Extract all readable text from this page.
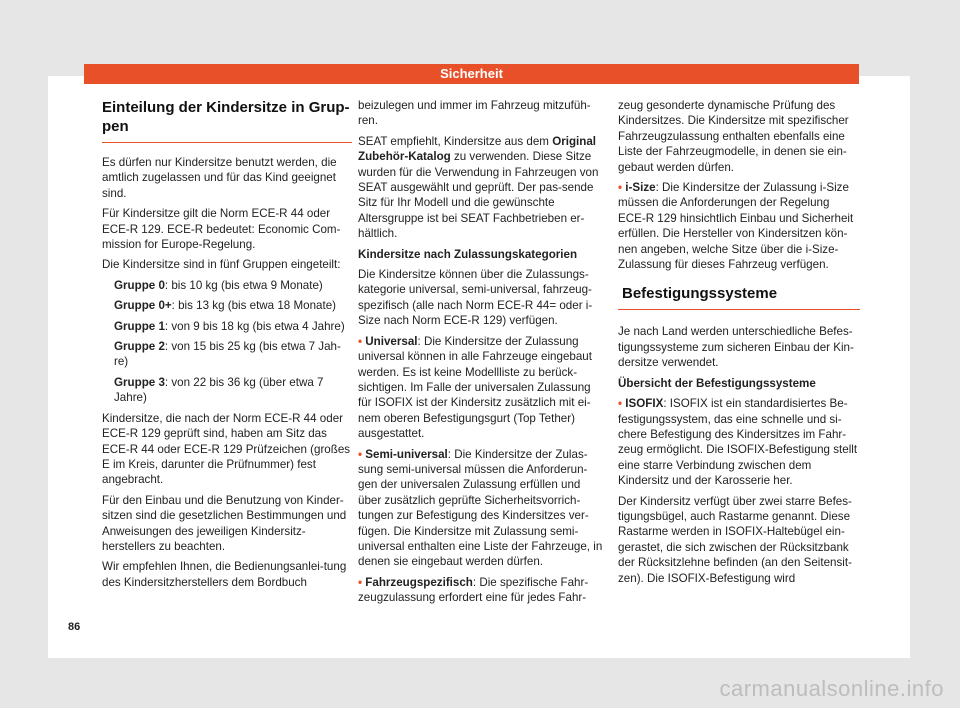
Sicherheit
Einteilung der Kindersitze in Grup-
pen

Es dürfen nur Kindersitze benutzt werden, die amtlich zugelassen und für das Kind geeignet sind.

Für Kindersitze gilt die Norm ECE-R 44 oder ECE-R 129. ECE-R bedeutet: Economic Com-mission for Europe-Regelung.

Die Kindersitze sind in fünf Gruppen eingeteilt:

Gruppe 0: bis 10 kg (bis etwa 9 Monate)

Gruppe 0+: bis 13 kg (bis etwa 18 Monate)

Gruppe 1: von 9 bis 18 kg (bis etwa 4 Jahre)

Gruppe 2: von 15 bis 25 kg (bis etwa 7 Jah-re)

Gruppe 3: von 22 bis 36 kg (über etwa 7 Jahre)

Kindersitze, die nach der Norm ECE-R 44 oder ECE-R 129 geprüft sind, haben am Sitz das ECE-R 44 oder ECE-R 129 Prüfzeichen (großes E im Kreis, darunter die Prüfnummer) fest angebracht.

Für den Einbau und die Benutzung von Kinder-sitzen sind die gesetzlichen Bestimmungen und Anweisungen des jeweiligen Kindersitz-herstellers zu beachten.

Wir empfehlen Ihnen, die Bedienungsanlei-tung des Kindersitzherstellers dem Bordbuch

beizulegen und immer im Fahrzeug mitzufüh-ren.

SEAT empfiehlt, Kindersitze aus dem Original Zubehör-Katalog zu verwenden. Diese Sitze wurden für die Verwendung in Fahrzeugen von SEAT ausgewählt und geprüft. Der pas-sende Sitz für Ihr Modell und die gewünschte Altersgruppe ist bei SEAT Fachbetrieben er-hältlich.

Kindersitze nach Zulassungskategorien

Die Kindersitze können über die Zulassungs-kategorie universal, semi-universal, fahrzeug-spezifisch (alle nach Norm ECE-R 44= oder i-Size nach Norm ECE-R 129) verfügen.

• Universal: Die Kindersitze der Zulassung universal können in alle Fahrzeuge eingebaut werden. Es ist keine Modellliste zu berück-sichtigen. Im Falle der universalen Zulassung für ISOFIX ist der Kindersitz zusätzlich mit ei-nem oberen Befestigungsgurt (Top Tether) ausgestattet.

• Semi-universal: Die Kindersitze der Zulas-sung semi-universal müssen die Anforderun-gen der universalen Zulassung erfüllen und über zusätzlich geprüfte Sicherheitsvorrich-tungen zur Befestigung des Kindersitzes ver-fügen. Die Kindersitze mit Zulassung semi-universal enthalten eine Liste der Fahrzeuge, in denen sie eingebaut werden dürfen.

• Fahrzeugspezifisch: Die spezifische Fahr-zeugzulassung erfordert eine für jedes Fahr-

zeug gesonderte dynamische Prüfung des Kindersitzes. Die Kindersitze mit spezifischer Fahrzeugzulassung enthalten ebenfalls eine Liste der Fahrzeugmodelle, in denen sie ein-gebaut werden dürfen.

• i-Size: Die Kindersitze der Zulassung i-Size müssen die Anforderungen der Regelung ECE-R 129 hinsichtlich Einbau und Sicherheit erfüllen. Die Hersteller von Kindersitzen kön-nen angeben, welche Sitze über die i-Size-Zulassung für dieses Fahrzeug verfügen.

Befestigungssysteme

Je nach Land werden unterschiedliche Befes-tigungssysteme zum sicheren Einbau der Kin-dersitze verwendet.

Übersicht der Befestigungssysteme

• ISOFIX: ISOFIX ist ein standardisiertes Be-festigungssystem, das eine schnelle und si-chere Befestigung des Kindersitzes im Fahr-zeug ermöglicht. Die ISOFIX-Befestigung stellt eine starre Verbindung zwischen dem Kindersitz und der Karosserie her.

Der Kindersitz verfügt über zwei starre Befes-tigungsbügel, auch Rastarme genannt. Diese Rastarme werden in ISOFIX-Haltebügel ein-gerastet, die sich zwischen der Rücksitzbank der Rücksitzlehne befinden (an den Seitensit-zen). Die ISOFIX-Befestigung wird

86
carmanualsonline.info
